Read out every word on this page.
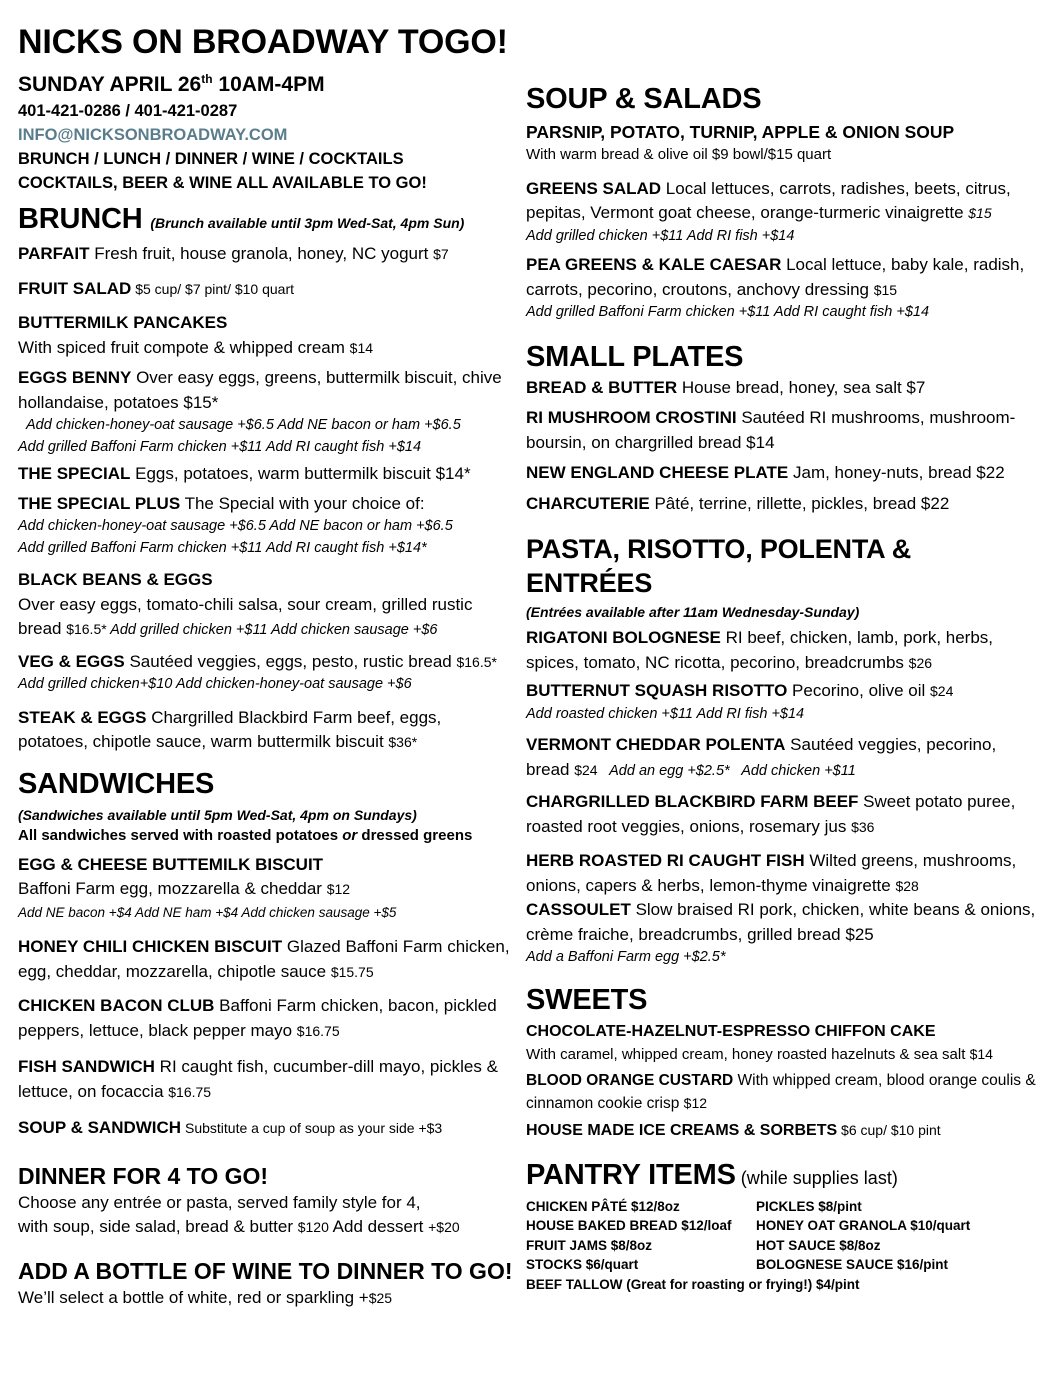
NICKS ON BROADWAY TOGO!
SUNDAY APRIL 26th 10AM-4PM
401-421-0286 / 401-421-0287
INFO@NICKSONBROADWAY.COM
BRUNCH / LUNCH / DINNER / WINE / COCKTAILS
COCKTAILS, BEER & WINE ALL AVAILABLE TO GO!
BRUNCH (Brunch available until 3pm Wed-Sat, 4pm Sun)
PARFAIT Fresh fruit, house granola, honey, NC yogurt $7
FRUIT SALAD $5 cup/ $7 pint/ $10 quart
BUTTERMILK PANCAKES
With spiced fruit compote & whipped cream $14
EGGS BENNY Over easy eggs, greens, buttermilk biscuit, chive hollandaise, potatoes $15*
Add chicken-honey-oat sausage +$6.5 Add NE bacon or ham +$6.5
Add grilled Baffoni Farm chicken +$11 Add RI caught fish +$14
THE SPECIAL Eggs, potatoes, warm buttermilk biscuit $14*
THE SPECIAL PLUS The Special with your choice of:
Add chicken-honey-oat sausage +$6.5 Add NE bacon or ham +$6.5
Add grilled Baffoni Farm chicken +$11 Add RI caught fish +$14*
BLACK BEANS & EGGS
Over easy eggs, tomato-chili salsa, sour cream, grilled rustic bread $16.5* Add grilled chicken +$11 Add chicken sausage +$6
VEG & EGGS Sautéed veggies, eggs, pesto, rustic bread $16.5*
Add grilled chicken+$10 Add chicken-honey-oat sausage +$6
STEAK & EGGS Chargrilled Blackbird Farm beef, eggs, potatoes, chipotle sauce, warm buttermilk biscuit $36*
SANDWICHES
(Sandwiches available until 5pm Wed-Sat, 4pm on Sundays)
All sandwiches served with roasted potatoes or dressed greens
EGG & CHEESE BUTTEMILK BISCUIT
Baffoni Farm egg, mozzarella & cheddar $12
Add NE bacon +$4 Add NE ham +$4 Add chicken sausage +$5
HONEY CHILI CHICKEN BISCUIT Glazed Baffoni Farm chicken, egg, cheddar, mozzarella, chipotle sauce $15.75
CHICKEN BACON CLUB Baffoni Farm chicken, bacon, pickled peppers, lettuce, black pepper mayo $16.75
FISH SANDWICH RI caught fish, cucumber-dill mayo, pickles & lettuce, on focaccia $16.75
SOUP & SANDWICH Substitute a cup of soup as your side +$3
DINNER FOR 4 TO GO!
Choose any entrée or pasta, served family style for 4,
with soup, side salad, bread & butter $120 Add dessert +$20
ADD A BOTTLE OF WINE TO DINNER TO GO!
We’ll select a bottle of white, red or sparkling +$25
SOUP & SALADS
PARSNIP, POTATO, TURNIP, APPLE & ONION SOUP
With warm bread & olive oil $9 bowl/$15 quart
GREENS SALAD Local lettuces, carrots, radishes, beets, citrus, pepitas, Vermont goat cheese, orange-turmeric vinaigrette $15
Add grilled chicken +$11 Add RI fish +$14
PEA GREENS & KALE CAESAR Local lettuce, baby kale, radish, carrots, pecorino, croutons, anchovy dressing $15
Add grilled Baffoni Farm chicken +$11 Add RI caught fish +$14
SMALL PLATES
BREAD & BUTTER House bread, honey, sea salt $7
RI MUSHROOM CROSTINI Sautéed RI mushrooms, mushroom-boursin, on chargrilled bread $14
NEW ENGLAND CHEESE PLATE Jam, honey-nuts, bread $22
CHARCUTERIE Pâté, terrine, rillette, pickles, bread $22
PASTA, RISOTTO, POLENTA & ENTRÉES
(Entrées available after 11am Wednesday-Sunday)
RIGATONI BOLOGNESE RI beef, chicken, lamb, pork, herbs, spices, tomato, NC ricotta, pecorino, breadcrumbs $26
BUTTERNUT SQUASH RISOTTO Pecorino, olive oil $24
Add roasted chicken +$11 Add RI fish +$14
VERMONT CHEDDAR POLENTA Sautéed veggies, pecorino, bread $24   Add an egg +$2.5*   Add chicken +$11
CHARGRILLED BLACKBIRD FARM BEEF Sweet potato puree, roasted root veggies, onions, rosemary jus $36
HERB ROASTED RI CAUGHT FISH Wilted greens, mushrooms, onions, capers & herbs, lemon-thyme vinaigrette $28
CASSOULET Slow braised RI pork, chicken, white beans & onions, crème fraiche, breadcrumbs, grilled bread $25
Add a Baffoni Farm egg +$2.5*
SWEETS
CHOCOLATE-HAZELNUT-ESPRESSO CHIFFON CAKE
With caramel, whipped cream, honey roasted hazelnuts & sea salt $14
BLOOD ORANGE CUSTARD With whipped cream, blood orange coulis & cinnamon cookie crisp $12
HOUSE MADE ICE CREAMS & SORBETS $6 cup/ $10 pint
PANTRY ITEMS (while supplies last)
CHICKEN PÂTÉ $12/8oz	PICKLES $8/pint
HOUSE BAKED BREAD $12/loaf	HONEY OAT GRANOLA $10/quart
FRUIT JAMS $8/8oz	HOT SAUCE $8/8oz
STOCKS $6/quart	BOLOGNESE SAUCE $16/pint
BEEF TALLOW (Great for roasting or frying!) $4/pint
